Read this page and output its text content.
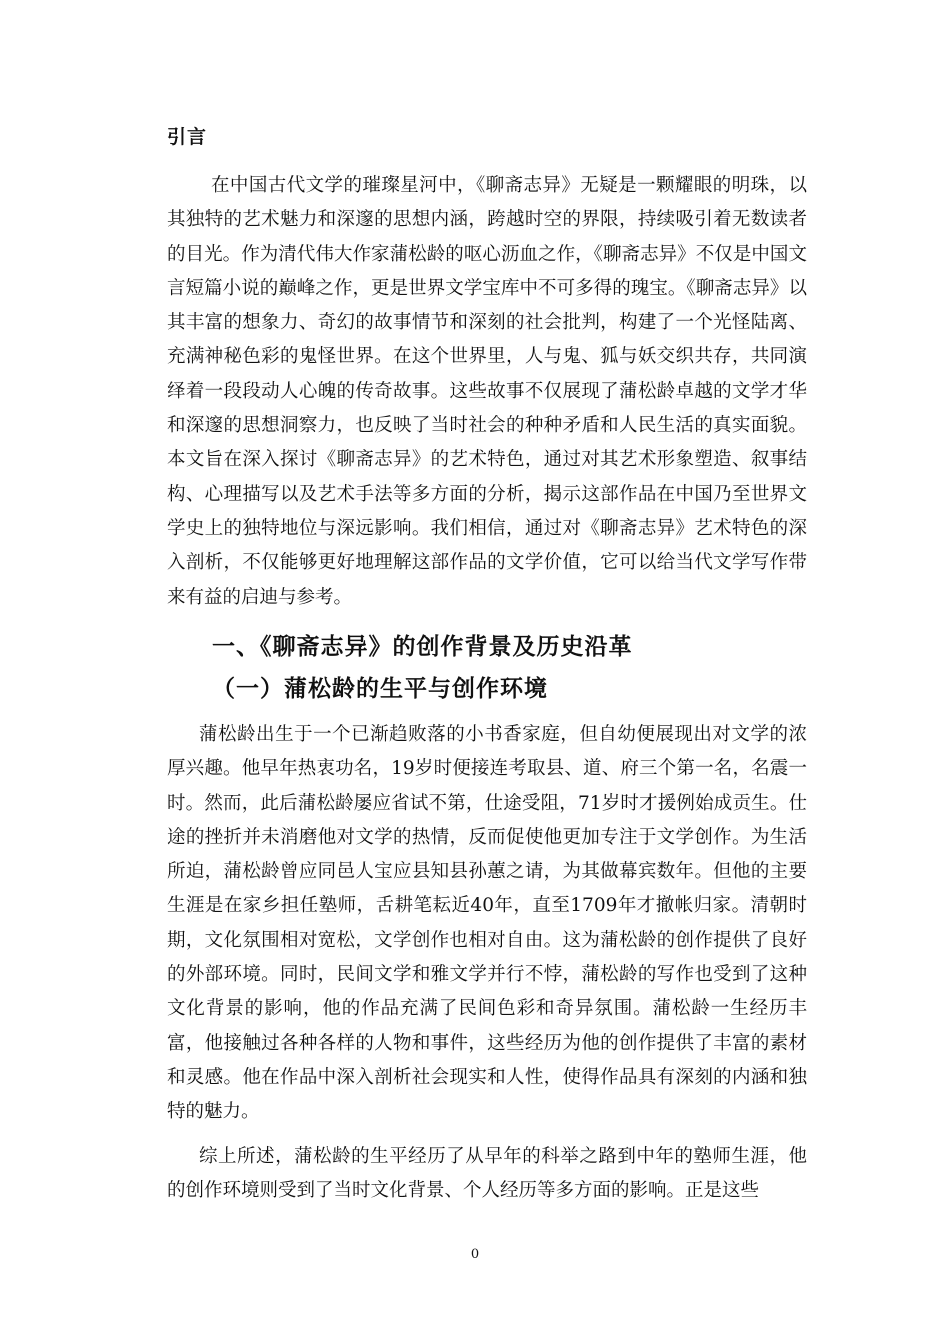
引言

在中国古代文学的璀璨星河中，《聊斋志异》无疑是一颗耀眼的明珠，以其独特的艺术魅力和深邃的思想内涵，跨越时空的界限，持续吸引着无数读者的目光。作为清代伟大作家蒲松龄的呕心沥血之作，《聊斋志异》不仅是中国文言短篇小说的巅峰之作，更是世界文学宝库中不可多得的瑰宝。《聊斋志异》以其丰富的想象力、奇幻的故事情节和深刻的社会批判，构建了一个光怪陆离、充满神秘色彩的鬼怪世界。在这个世界里，人与鬼、狐与妖交织共存，共同演绎着一段段动人心魄的传奇故事。这些故事不仅展现了蒲松龄卓越的文学才华和深邃的思想洞察力，也反映了当时社会的种种矛盾和人民生活的真实面貌。本文旨在深入探讨《聊斋志异》的艺术特色，通过对其艺术形象塑造、叙事结构、心理描写以及艺术手法等多方面的分析，揭示这部作品在中国乃至世界文学史上的独特地位与深远影响。我们相信，通过对《聊斋志异》艺术特色的深入剖析，不仅能够更好地理解这部作品的文学价值，它可以给当代文学写作带来有益的启迪与参考。

一、《聊斋志异》的创作背景及历史沿革
（一）蒲松龄的生平与创作环境

蒲松龄出生于一个已渐趋败落的小书香家庭，但自幼便展现出对文学的浓厚兴趣。他早年热衷功名，19岁时便接连考取县、道、府三个第一名，名震一时。然而，此后蒲松龄屡应省试不第，仕途受阻，71岁时才援例始成贡生。仕途的挫折并未消磨他对文学的热情，反而促使他更加专注于文学创作。为生活所迫，蒲松龄曾应同邑人宝应县知县孙蕙之请，为其做幕宾数年。但他的主要生涯是在家乡担任塾师，舌耕笔耘近40年，直至1709年才撤帐归家。清朝时期，文化氛围相对宽松，文学创作也相对自由。这为蒲松龄的创作提供了良好的外部环境。同时，民间文学和雅文学并行不悖，蒲松龄的写作也受到了这种文化背景的影响，他的作品充满了民间色彩和奇异氛围。蒲松龄一生经历丰富，他接触过各种各样的人物和事件，这些经历为他的创作提供了丰富的素材和灵感。他在作品中深入剖析社会现实和人性，使得作品具有深刻的内涵和独特的魅力。

综上所述，蒲松龄的生平经历了从早年的科举之路到中年的塾师生涯，他的创作环境则受到了当时文化背景、个人经历等多方面的影响。正是这些

0
